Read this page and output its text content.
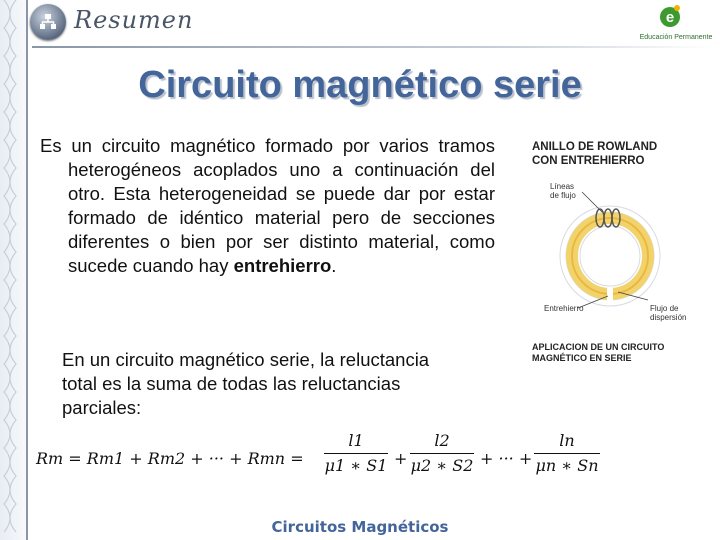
Resumen	e
Educación Permanente
Circuito magnético serie

Es un circuito magnético formado por varios tramos heterogéneos acoplados uno a continuación del otro. Esta heterogeneidad se puede dar por estar formado de idéntico material pero de secciones diferentes o bien por ser distinto material, como sucede cuando hay entrehierro.

En un circuito magnético serie, la reluctancia total es la suma de todas las reluctancias parciales:
ANILLO DE ROWLAND
CON ENTREHIERRO
Líneas
de flujo
Entrehierro	Flujo de
dispersión
APLICACION DE UN CIRCUITO
MAGNÉTICO EN SERIE
Rm = Rm1 + Rm2 + ··· + Rmn =
l1
μ1 ∗ S1 +
l2
μ2 ∗ S2 + ··· +
ln
μn ∗ Sn
Circuitos Magnéticos
